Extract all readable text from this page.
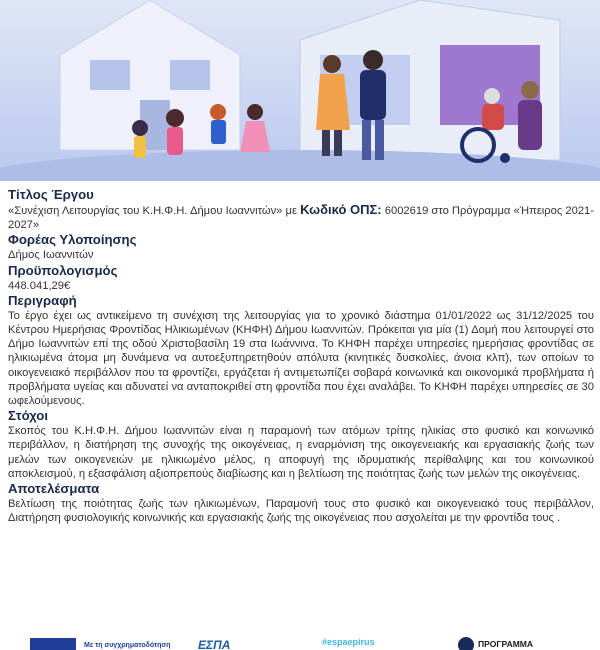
Τίτλος Έργου
«Συνέχιση Λειτουργίας του Κ.Η.Φ.Η. Δήμου Ιωαννιτών» με Κωδικό ΟΠΣ: 6002619 στο Πρόγραμμα «Ήπειρος 2021-2027»
Φορέας Υλοποίησης
Δήμος Ιωαννιτών
Προϋπολογισμός
448.041,29€
Περιγραφή
Το έργο έχει ως αντικείμενο τη συνέχιση της λειτουργίας για το χρονικό διάστημα 01/01/2022 ως 31/12/2025 του Κέντρου Ημερήσιας Φροντίδας Ηλικιωμένων (ΚΗΦΗ) Δήμου Ιωαννιτών. Πρόκειται για μία (1) Δομή που λειτουργεί στο Δήμο Ιωαννιτών επί της οδού Χριστοβασίλη 19 στα Ιωάννινα. Το ΚΗΦΗ παρέχει υπηρεσίες ημερήσιας φροντίδας σε ηλικιωμένα άτομα μη δυνάμενα να αυτοεξυπηρετηθούν απόλυτα (κινητικές δυσκολίες, άνοια κλπ), των οποίων το οικογενειακό περιβάλλον που τα φροντίζει, εργάζεται ή αντιμετωπίζει σοβαρά κοινωνικά και οικονομικά προβλήματα ή προβλήματα υγείας και αδυνατεί να ανταποκριθεί στη φροντίδα που έχει αναλάβει. Το ΚΗΦΗ παρέχει υπηρεσίες σε 30 ωφελούμενους.
Στόχοι
Σκοπός του Κ.Η.Φ.Η. Δήμου Ιωαννιτών είναι η παραμονή των ατόμων τρίτης ηλικίας στο φυσικό και κοινωνικό περιβάλλον, η διατήρηση της συνοχής της οικογένειας, η εναρμόνιση της οικογενειακής και εργασιακής ζωής των μελών των οικογενειών με ηλικιωμένο μέλος, η αποφυγή της ιδρυματικής περίθαλψης και του κοινωνικού αποκλεισμού, η εξασφάλιση αξιοπρεπούς διαβίωσης και η βελτίωση της ποιότητας ζωής των μελών της οικογένειας.
Αποτελέσματα
Βελτίωση της ποιότητας ζωής των ηλικιωμένων, Παραμονή τους στο φυσικό και οικογενειακό τους περιβάλλον, Διατήρηση φυσιολογικής κοινωνικής και εργασιακής ζωής της οικογένειας που ασχολείται με την φροντίδα τους .
Με τη συγχρηματοδότηση ΕΣΠΑ	#espaepirus	ΠΡΟΓΡΑΜΜΑ
